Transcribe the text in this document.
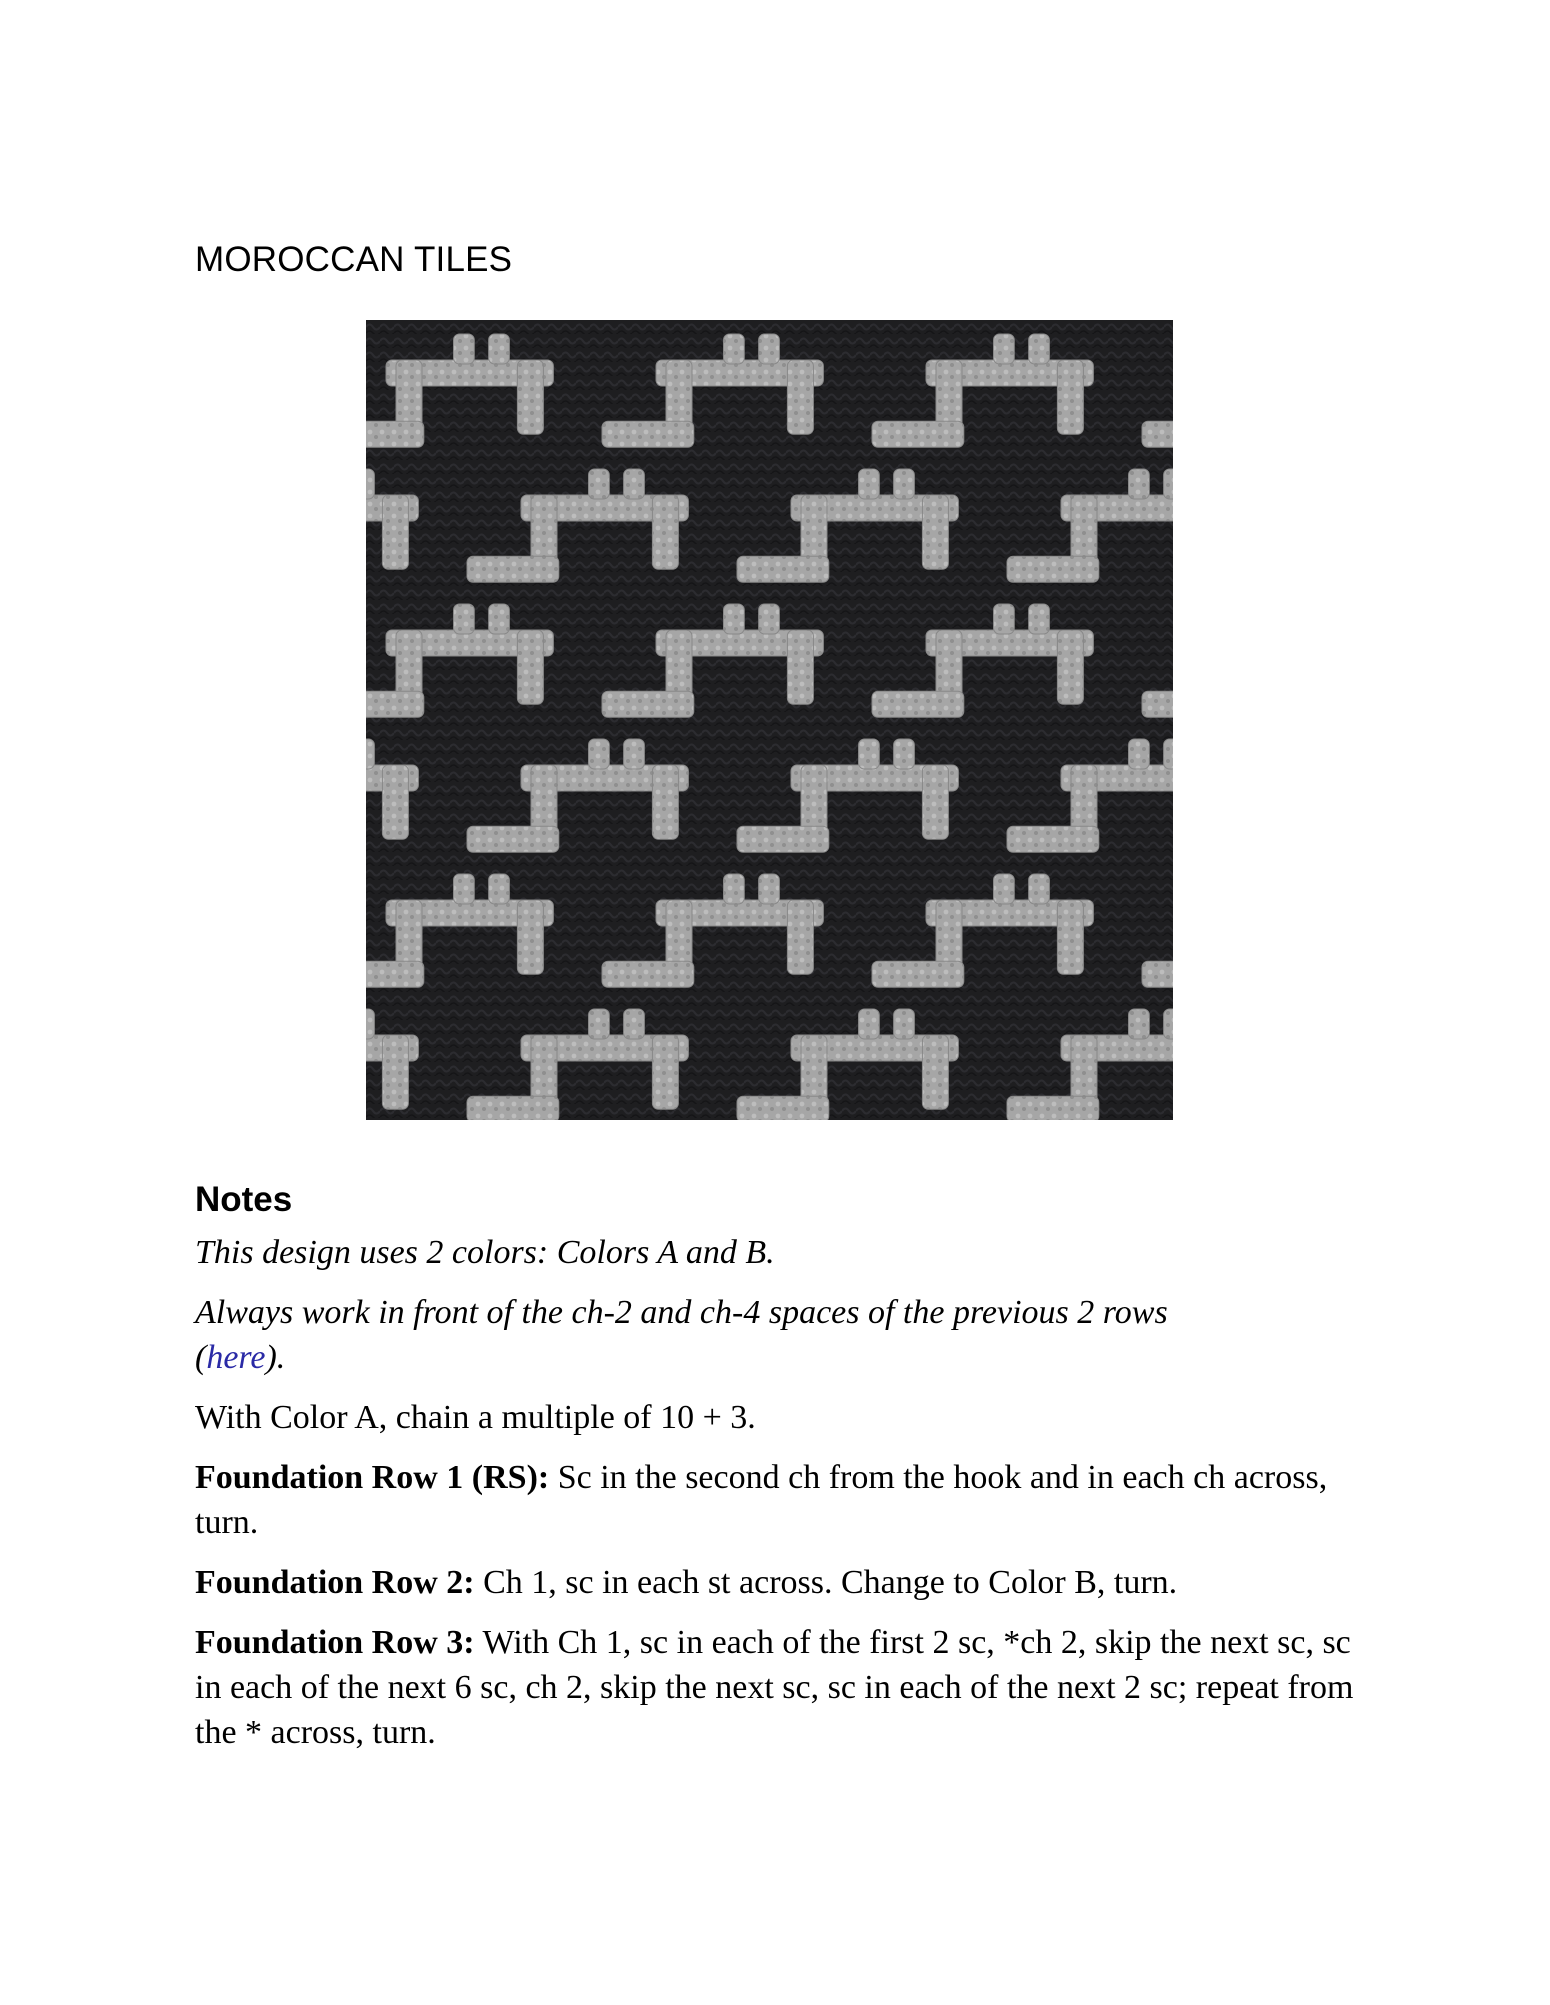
MOROCCAN TILES
Notes

This design uses 2 colors: Colors A and B.

Always work in front of the ch-2 and ch-4 spaces of the previous 2 rows
(here).

With Color A, chain a multiple of 10 + 3.

Foundation Row 1 (RS): Sc in the second ch from the hook and in each ch across, turn.

Foundation Row 2: Ch 1, sc in each st across. Change to Color B, turn.

Foundation Row 3: With Ch 1, sc in each of the first 2 sc, *ch 2, skip the next sc, sc in each of the next 6 sc, ch 2, skip the next sc, sc in each of the next 2 sc; repeat from the * across, turn.
